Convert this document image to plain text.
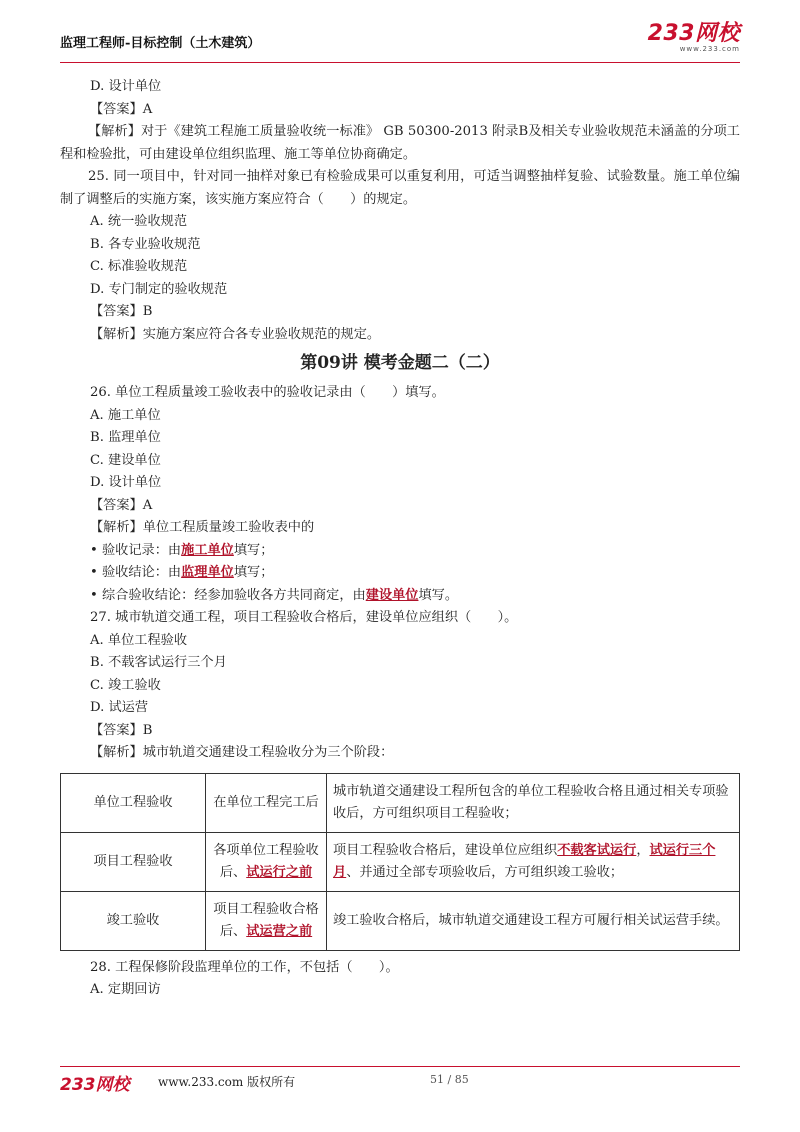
监理工程师-目标控制（土木建筑）	233网校
www.233.com
D. 设计单位
【答案】A
【解析】对于《建筑工程施工质量验收统一标准》 GB 50300-2013 附录B及相关专业验收规范未涵盖的分项工程和检验批，可由建设单位组织监理、施工等单位协商确定。
25. 同一项目中，针对同一抽样对象已有检验成果可以重复利用，可适当调整抽样复验、试验数量。施工单位编制了调整后的实施方案，该实施方案应符合（　　）的规定。
A. 统一验收规范
B. 各专业验收规范
C. 标准验收规范
D. 专门制定的验收规范
【答案】B
【解析】实施方案应符合各专业验收规范的规定。
第09讲 模考金题二（二）
26. 单位工程质量竣工验收表中的验收记录由（　　）填写。
A. 施工单位
B. 监理单位
C. 建设单位
D. 设计单位
【答案】A
【解析】单位工程质量竣工验收表中的
• 验收记录：由施工单位填写；
• 验收结论：由监理单位填写；
• 综合验收结论：经参加验收各方共同商定，由建设单位填写。
27. 城市轨道交通工程，项目工程验收合格后，建设单位应组织（　　）。
A. 单位工程验收
B. 不载客试运行三个月
C. 竣工验收
D. 试运营
【答案】B
【解析】城市轨道交通建设工程验收分为三个阶段：
单位工程验收	在单位工程完工后	城市轨道交通建设工程所包含的单位工程验收合格且通过相关专项验收后，方可组织项目工程验收；
项目工程验收	各项单位工程验收后、试运行之前	项目工程验收合格后，建设单位应组织不载客试运行，试运行三个月、并通过全部专项验收后，方可组织竣工验收；
竣工验收	项目工程验收合格后、试运营之前	竣工验收合格后，城市轨道交通建设工程方可履行相关试运营手续。
28. 工程保修阶段监理单位的工作，不包括（　　）。
A. 定期回访
233网校 www.233.com 版权所有	51 / 85
